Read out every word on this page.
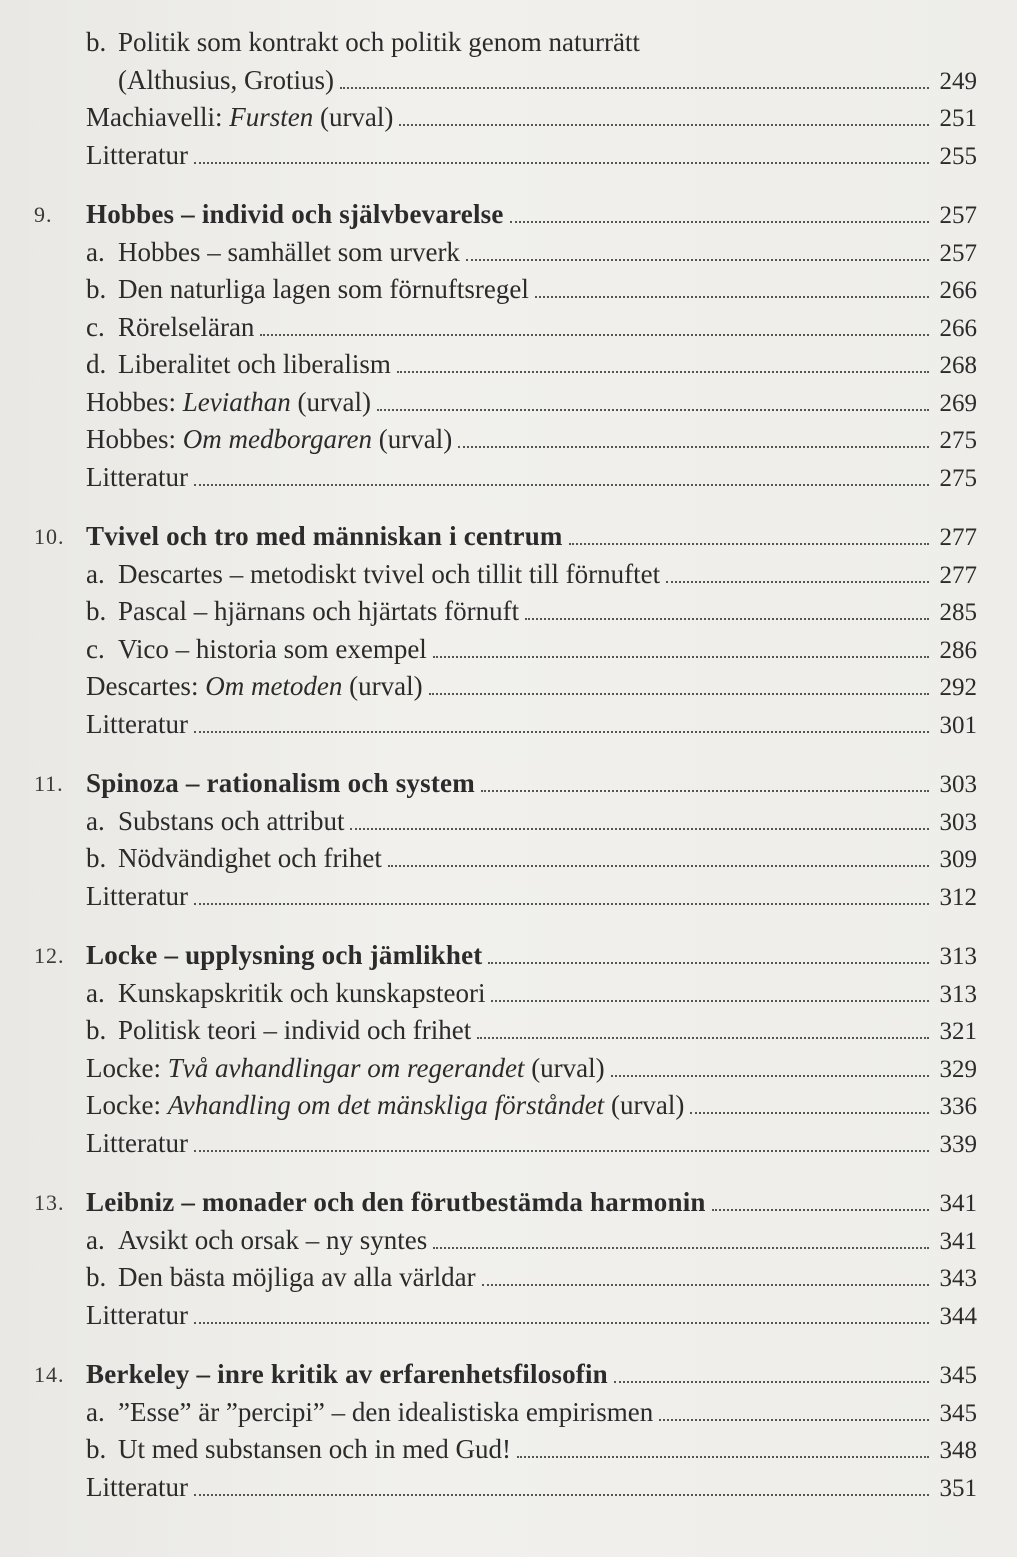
b. Politik som kontrakt och politik genom naturrätt
(Althusius, Grotius)	249
Machiavelli: Fursten (urval)	251
Litteratur	255
9.	Hobbes – individ och självbevarelse	257
a. Hobbes – samhället som urverk	257
b. Den naturliga lagen som förnuftsregel	266
c. Rörelseläran	266
d. Liberalitet och liberalism	268
Hobbes: Leviathan (urval)	269
Hobbes: Om medborgaren (urval)	275
Litteratur	275
10. Tvivel och tro med människan i centrum	277
a. Descartes – metodiskt tvivel och tillit till förnuftet	277
b. Pascal – hjärnans och hjärtats förnuft	285
c. Vico – historia som exempel	286
Descartes: Om metoden (urval)	292
Litteratur	301
11. Spinoza – rationalism och system	303
a. Substans och attribut	303
b. Nödvändighet och frihet	309
Litteratur	312
12. Locke – upplysning och jämlikhet	313
a. Kunskapskritik och kunskapsteori	313
b. Politisk teori – individ och frihet	321
Locke: Två avhandlingar om regerandet (urval)	329
Locke: Avhandling om det mänskliga förståndet (urval)	336
Litteratur	339
13. Leibniz – monader och den förutbestämda harmonin	341
a. Avsikt och orsak – ny syntes	341
b. Den bästa möjliga av alla världar	343
Litteratur	344
14. Berkeley – inre kritik av erfarenhetsfilosofin	345
a. ”Esse” är ”percipi” – den idealistiska empirismen	345
b. Ut med substansen och in med Gud!	348
Litteratur	351
